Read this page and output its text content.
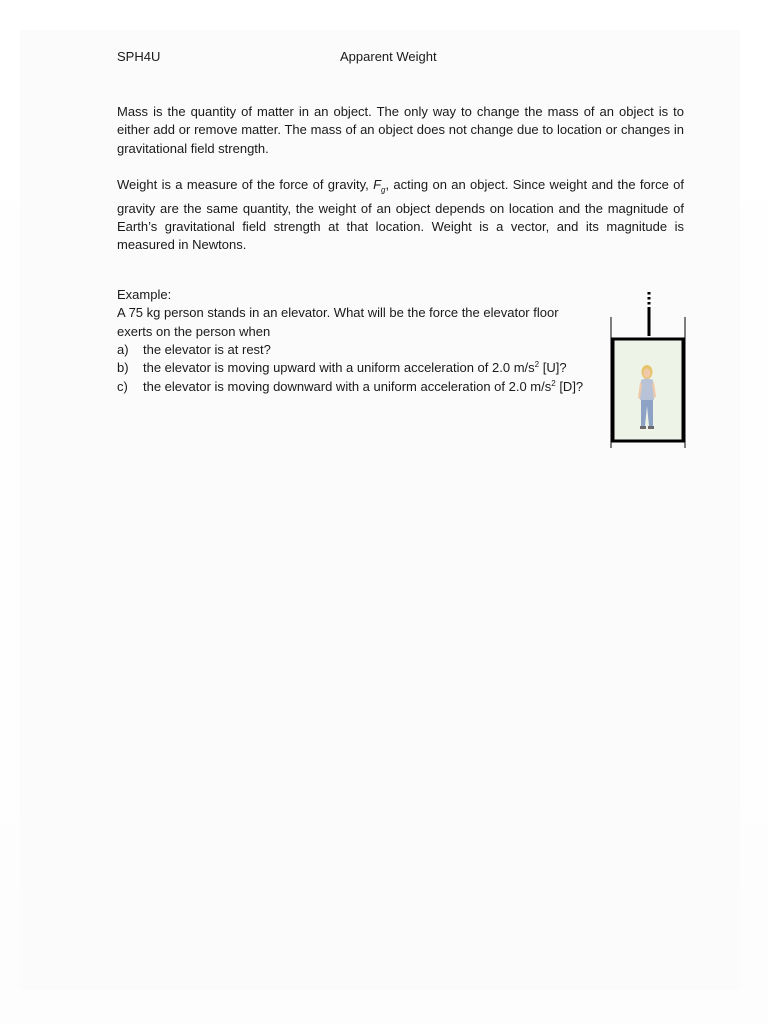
SPH4U	Apparent Weight

Mass is the quantity of matter in an object. The only way to change the mass of an object is to either add or remove matter. The mass of an object does not change due to location or changes in gravitational field strength.

Weight is a measure of the force of gravity, $F_g$, acting on an object. Since weight and the force of gravity are the same quantity, the weight of an object depends on location and the magnitude of Earth’s gravitational field strength at that location. Weight is a vector, and its magnitude is measured in Newtons.

Example:
A 75 kg person stands in an elevator. What will be the force the elevator floor exerts on the person when
a)	the elevator is at rest?
b)	the elevator is moving upward with a uniform acceleration of 2.0 $m/s^2$ [U]?
c)	the elevator is moving downward with a uniform acceleration of 2.0 $m/s^2$ [D]?
